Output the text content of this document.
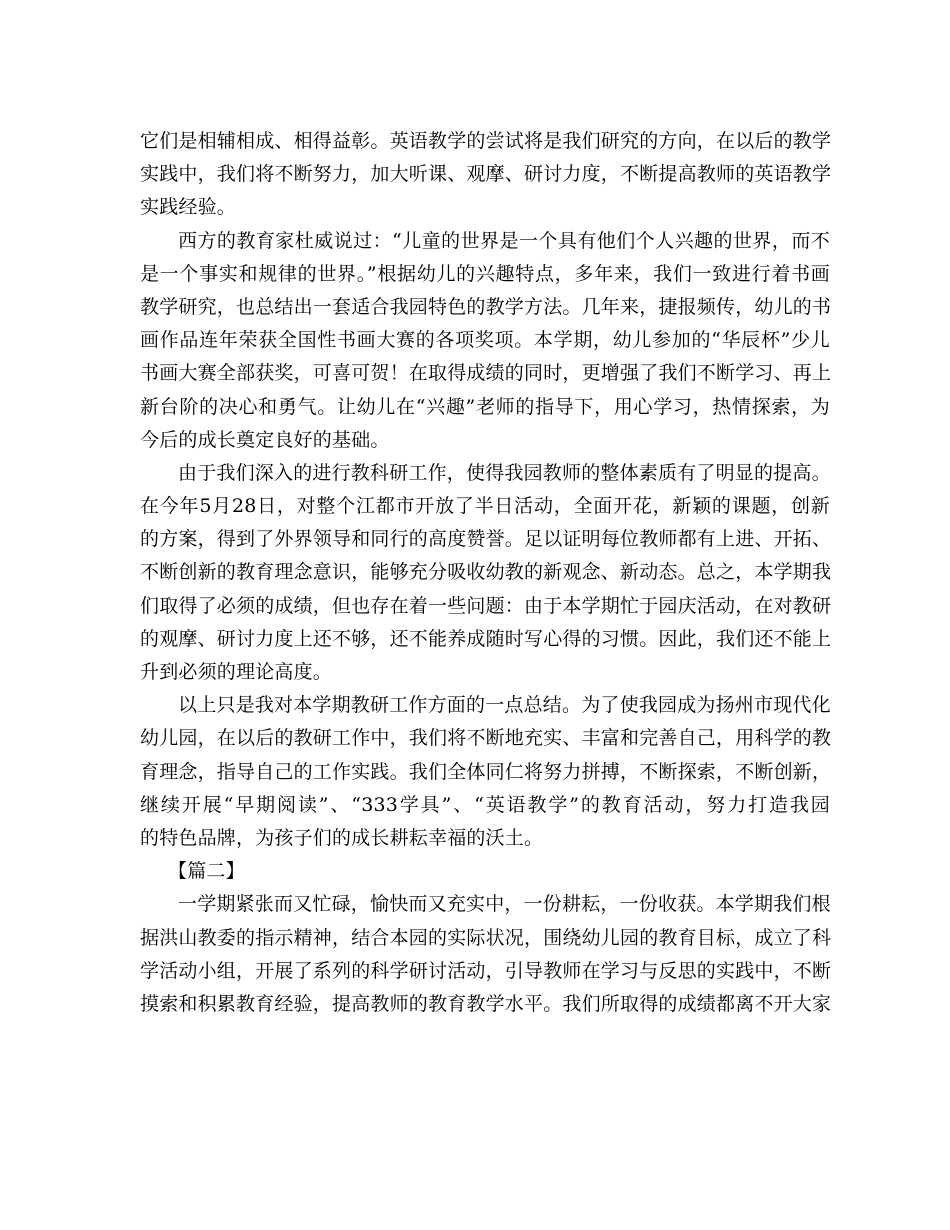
它们是相辅相成、相得益彰。英语教学的尝试将是我们研究的方向，在以后的教学
实践中，我们将不断努力，加大听课、观摩、研讨力度，不断提高教师的英语教学
实践经验。
西方的教育家杜威说过：“儿童的世界是一个具有他们个人兴趣的世界，而不
是一个事实和规律的世界。”根据幼儿的兴趣特点，多年来，我们一致进行着书画
教学研究，也总结出一套适合我园特色的教学方法。几年来，捷报频传，幼儿的书
画作品连年荣获全国性书画大赛的各项奖项。本学期，幼儿参加的“华辰杯”少儿
书画大赛全部获奖，可喜可贺！在取得成绩的同时，更增强了我们不断学习、再上
新台阶的决心和勇气。让幼儿在“兴趣”老师的指导下，用心学习，热情探索，为
今后的成长奠定良好的基础。
由于我们深入的进行教科研工作，使得我园教师的整体素质有了明显的提高。
在今年5月28日，对整个江都市开放了半日活动，全面开花，新颖的课题，创新
的方案，得到了外界领导和同行的高度赞誉。足以证明每位教师都有上进、开拓、
不断创新的教育理念意识，能够充分吸收幼教的新观念、新动态。总之，本学期我
们取得了必须的成绩，但也存在着一些问题：由于本学期忙于园庆活动，在对教研
的观摩、研讨力度上还不够，还不能养成随时写心得的习惯。因此，我们还不能上
升到必须的理论高度。
以上只是我对本学期教研工作方面的一点总结。为了使我园成为扬州市现代化
幼儿园，在以后的教研工作中，我们将不断地充实、丰富和完善自己，用科学的教
育理念，指导自己的工作实践。我们全体同仁将努力拼搏，不断探索，不断创新，
继续开展“早期阅读”、“333学具”、“英语教学”的教育活动，努力打造我园
的特色品牌，为孩子们的成长耕耘幸福的沃土。
【篇二】
一学期紧张而又忙碌，愉快而又充实中，一份耕耘，一份收获。本学期我们根
据洪山教委的指示精神，结合本园的实际状况，围绕幼儿园的教育目标，成立了科
学活动小组，开展了系列的科学研讨活动，引导教师在学习与反思的实践中，不断
摸索和积累教育经验，提高教师的教育教学水平。我们所取得的成绩都离不开大家
